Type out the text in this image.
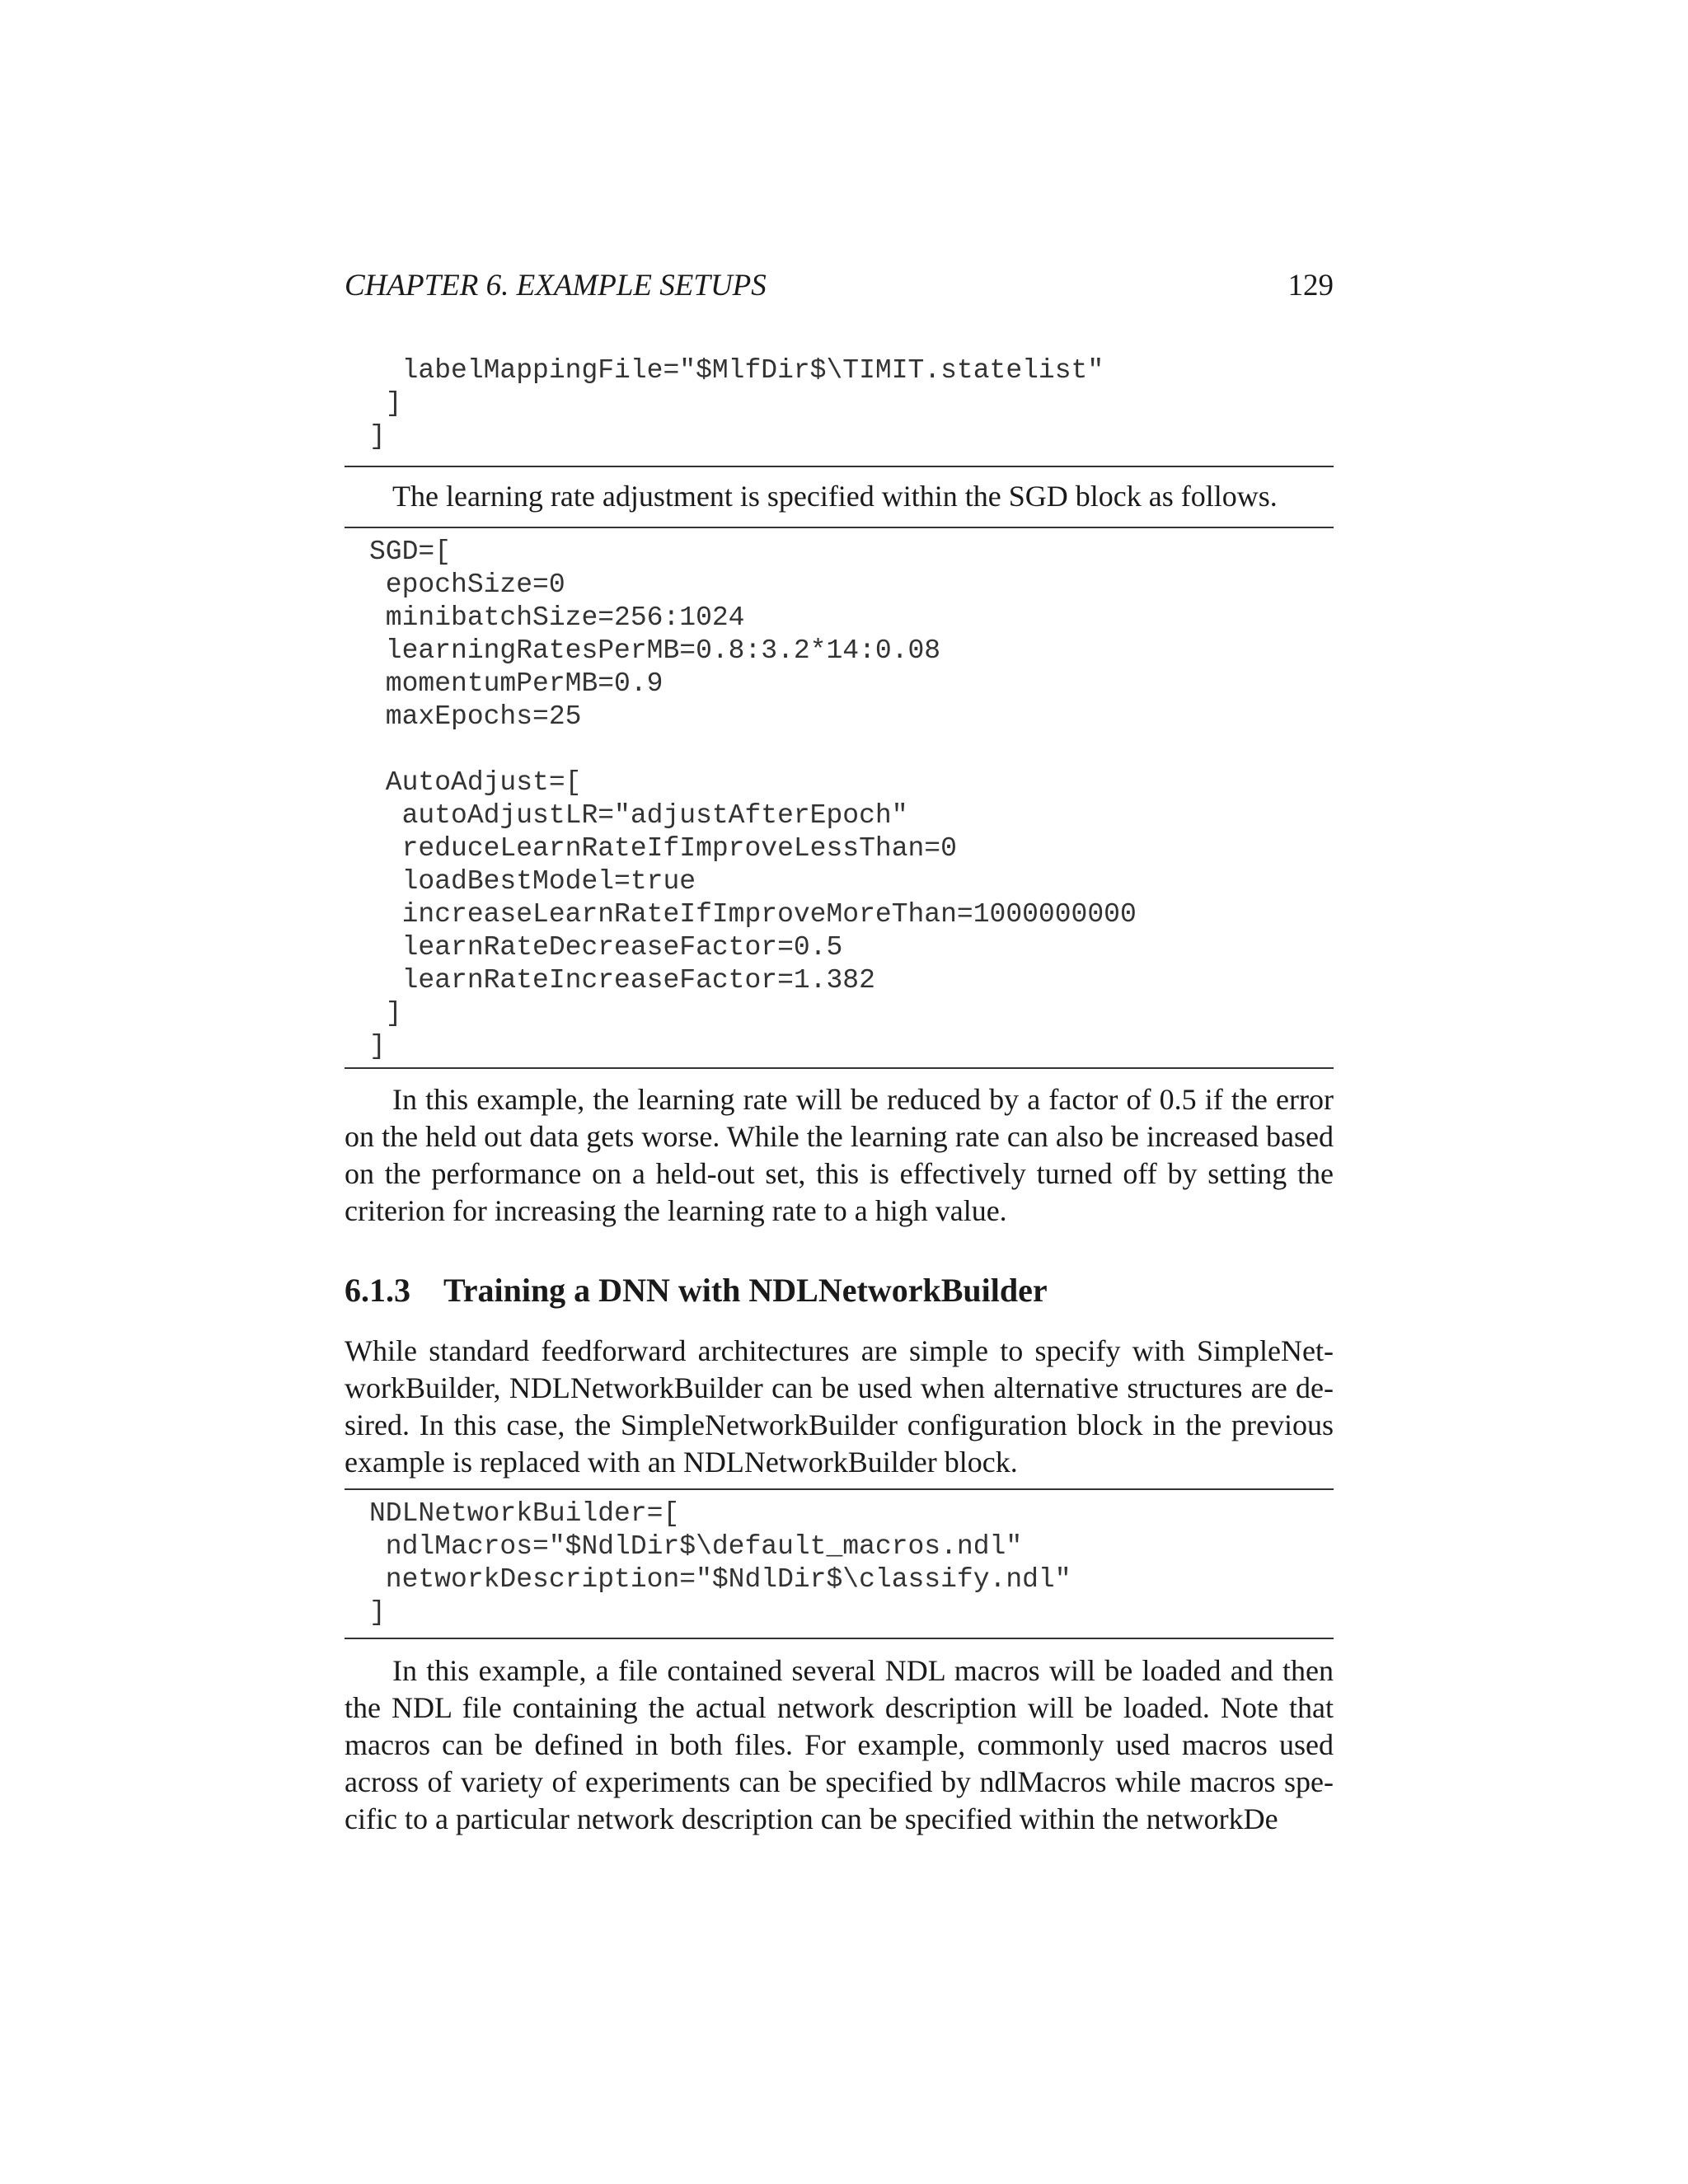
CHAPTER 6. EXAMPLE SETUPS	129
labelMappingFile="$MlfDir$\TIMIT.statelist"
]
]

The learning rate adjustment is specified within the SGD block as follows.

SGD=[
epochSize=0
minibatchSize=256:1024
learningRatesPerMB=0.8:3.2*14:0.08
momentumPerMB=0.9
maxEpochs=25
AutoAdjust=[
autoAdjustLR="adjustAfterEpoch"
reduceLearnRateIfImproveLessThan=0
loadBestModel=true
increaseLearnRateIfImproveMoreThan=1000000000
learnRateDecreaseFactor=0.5
learnRateIncreaseFactor=1.382
]
]

In this example, the learning rate will be reduced by a factor of 0.5 if the error on the held out data gets worse. While the learning rate can also be increased based on the performance on a held-out set, this is effectively turned off by setting the criterion for increasing the learning rate to a high value.

6.1.3 Training a DNN with NDLNetworkBuilder

While standard feedforward architectures are simple to specify with SimpleNetworkBuilder, NDLNetworkBuilder can be used when alternative structures are desired. In this case, the SimpleNetworkBuilder configuration block in the previous example is replaced with an NDLNetworkBuilder block.

NDLNetworkBuilder=[
ndlMacros="$NdlDir$\default_macros.ndl"
networkDescription="$NdlDir$\classify.ndl"
]

In this example, a file contained several NDL macros will be loaded and then the NDL file containing the actual network description will be loaded. Note that macros can be defined in both files. For example, commonly used macros used across of variety of experiments can be specified by ndlMacros while macros specific to a particular network description can be specified within the networkDe
